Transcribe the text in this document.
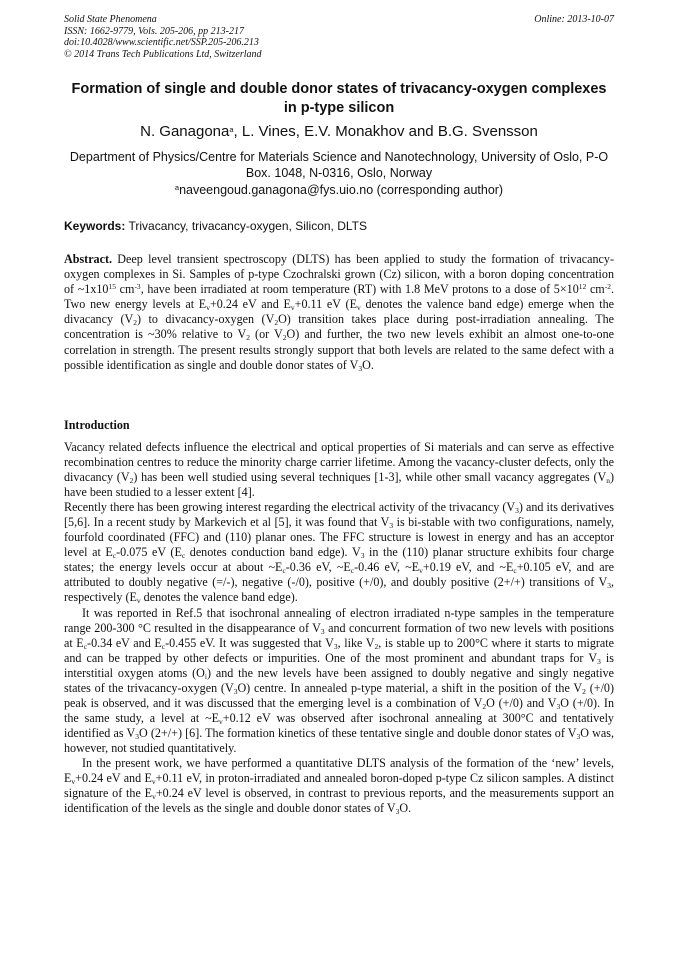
Solid State Phenomena
ISSN: 1662-9779, Vols. 205-206, pp 213-217
doi:10.4028/www.scientific.net/SSP.205-206.213
© 2014 Trans Tech Publications Ltd, Switzerland
Online: 2013-10-07
Formation of single and double donor states of trivacancy-oxygen complexes in p-type silicon
N. Ganagona$^a$, L. Vines, E.V. Monakhov and B.G. Svensson
Department of Physics/Centre for Materials Science and Nanotechnology, University of Oslo, P-O Box. 1048, N-0316, Oslo, Norway
$^a$naveengoud.ganagona@fys.uio.no (corresponding author)
Keywords: Trivacancy, trivacancy-oxygen, Silicon, DLTS
Abstract. Deep level transient spectroscopy (DLTS) has been applied to study the formation of trivacancy-oxygen complexes in Si. Samples of p-type Czochralski grown (Cz) silicon, with a boron doping concentration of $\sim 1x10^{15}$ $cm^{-3}$, have been irradiated at room temperature (RT) with 1.8 MeV protons to a dose of $5\times 10^{12}$ $cm^{-2}$. Two new energy levels at $E_v+0.24$ eV and $E_v+0.11$ eV ($E_v$ denotes the valence band edge) emerge when the divacancy $(V_2)$ to divacancy-oxygen $(V_2O)$ transition takes place during post-irradiation annealing. The concentration is ~30% relative to $V_2$ (or $V_2O$) and further, the two new levels exhibit an almost one-to-one correlation in strength. The present results strongly support that both levels are related to the same defect with a possible identification as single and double donor states of $V_3O$.
Introduction

Vacancy related defects influence the electrical and optical properties of Si materials and can serve as effective recombination centres to reduce the minority charge carrier lifetime. Among the vacancy-cluster defects, only the divacancy $(V_2)$ has been well studied using several techniques [1-3], while other small vacancy aggregates $(V_n)$ have been studied to a lesser extent [4].

Recently there has been growing interest regarding the electrical activity of the trivacancy $(V_3)$ and its derivatives [5,6]. In a recent study by Markevich et al [5], it was found that $V_3$ is bi-stable with two configurations, namely, fourfold coordinated (FFC) and (110) planar ones. The FFC structure is lowest in energy and has an acceptor level at $E_c-0.075$ eV ($E_c$ denotes conduction band edge). $V_3$ in the (110) planar structure exhibits four charge states; the energy levels occur at about $\sim E_c-0.36$ eV, $\sim E_c-0.46$ eV, $\sim E_v+0.19$ eV, and $\sim E_c+0.105$ eV, and are attributed to doubly negative (=/-), negative (-/0), positive (+/0), and doubly positive (2+/+) transitions of $V_3$, respectively ($E_v$ denotes the valence band edge).

It was reported in Ref.5 that isochronal annealing of electron irradiated n-type samples in the temperature range 200-300 °C resulted in the disappearance of $V_3$ and concurrent formation of two new levels with positions at $E_c-0.34$ eV and $E_c-0.455$ eV. It was suggested that $V_3$, like $V_2$, is stable up to 200°C where it starts to migrate and can be trapped by other defects or impurities. One of the most prominent and abundant traps for $V_3$ is interstitial oxygen atoms $(O_i)$ and the new levels have been assigned to doubly negative and singly negative states of the trivacancy-oxygen $(V_3O)$ centre. In annealed p-type material, a shift in the position of the $V_2$ (+/0) peak is observed, and it was discussed that the emerging level is a combination of $V_2O$ (+/0) and $V_3O$ (+/0). In the same study, a level at $\sim E_v+0.12$ eV was observed after isochronal annealing at 300°C and tentatively identified as $V_3O$ (2+/+) [6]. The formation kinetics of these tentative single and double donor states of $V_3O$ was, however, not studied quantitatively.

In the present work, we have performed a quantitative DLTS analysis of the formation of the ‘new’ levels, $E_v+0.24$ eV and $E_v+0.11$ eV, in proton-irradiated and annealed boron-doped p-type Cz silicon samples. A distinct signature of the $E_v+0.24$ eV level is observed, in contrast to previous reports, and the measurements support an identification of the levels as the single and double donor states of $V_3O$.
